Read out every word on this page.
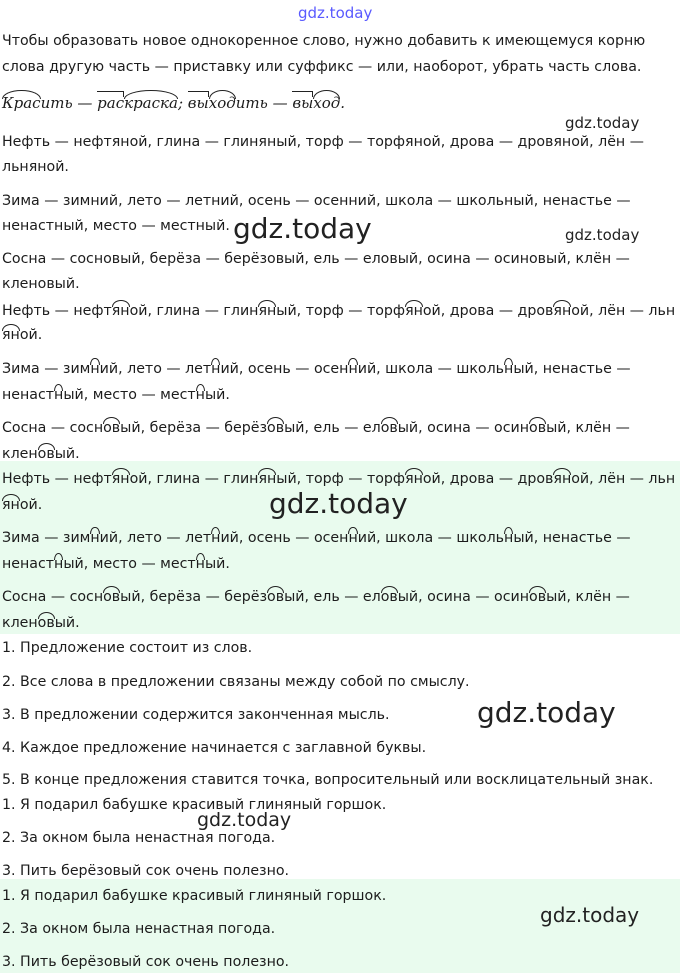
gdz.today
gdz.today
gdz.today	gdz.today
gdz.today
gdz.today
gdz.today
gdz.today
Чтобы образовать новое однокоренное слово, нужно добавить к имеющемуся корню
слова другую часть — приставку или суффикс — или, наоборот, убрать часть слова.
Красить — раскраска; выходить — выход.
Нефть — нефтяной, глина — глиняный, торф — торфяной, дрова — дровяной, лён —
льняной.
Зима — зимний, лето — летний, осень — осенний, школа — школьный, ненастье —
ненастный, место — местный.
Сосна — сосновый, берёза — берёзовый, ель — еловый, осина — осиновый, клён —
кленовый.
Нефть — нефтяной, глина — глиняный, торф — торфяной, дрова — дровяной, лён — льн
яной.
Зима — зимний, лето — летний, осень — осенний, школа — школьный, ненастье —
ненастный, место — местный.
Сосна — сосновый, берёза — берёзовый, ель — еловый, осина — осиновый, клён —
кленовый.
Нефть — нефтяной, глина — глиняный, торф — торфяной, дрова — дровяной, лён — льн
яной.
Зима — зимний, лето — летний, осень — осенний, школа — школьный, ненастье —
ненастный, место — местный.
Сосна — сосновый, берёза — берёзовый, ель — еловый, осина — осиновый, клён —
кленовый.
1. Предложение состоит из слов.
2. Все слова в предложении связаны между собой по смыслу.
3. В предложении содержится законченная мысль.
4. Каждое предложение начинается с заглавной буквы.
5. В конце предложения ставится точка, вопросительный или восклицательный знак.
1. Я подарил бабушке красивый глиняный горшок.
2. За окном была ненастная погода.
3. Пить берёзовый сок очень полезно.
1. Я подарил бабушке красивый глиняный горшок.
2. За окном была ненастная погода.
3. Пить берёзовый сок очень полезно.
